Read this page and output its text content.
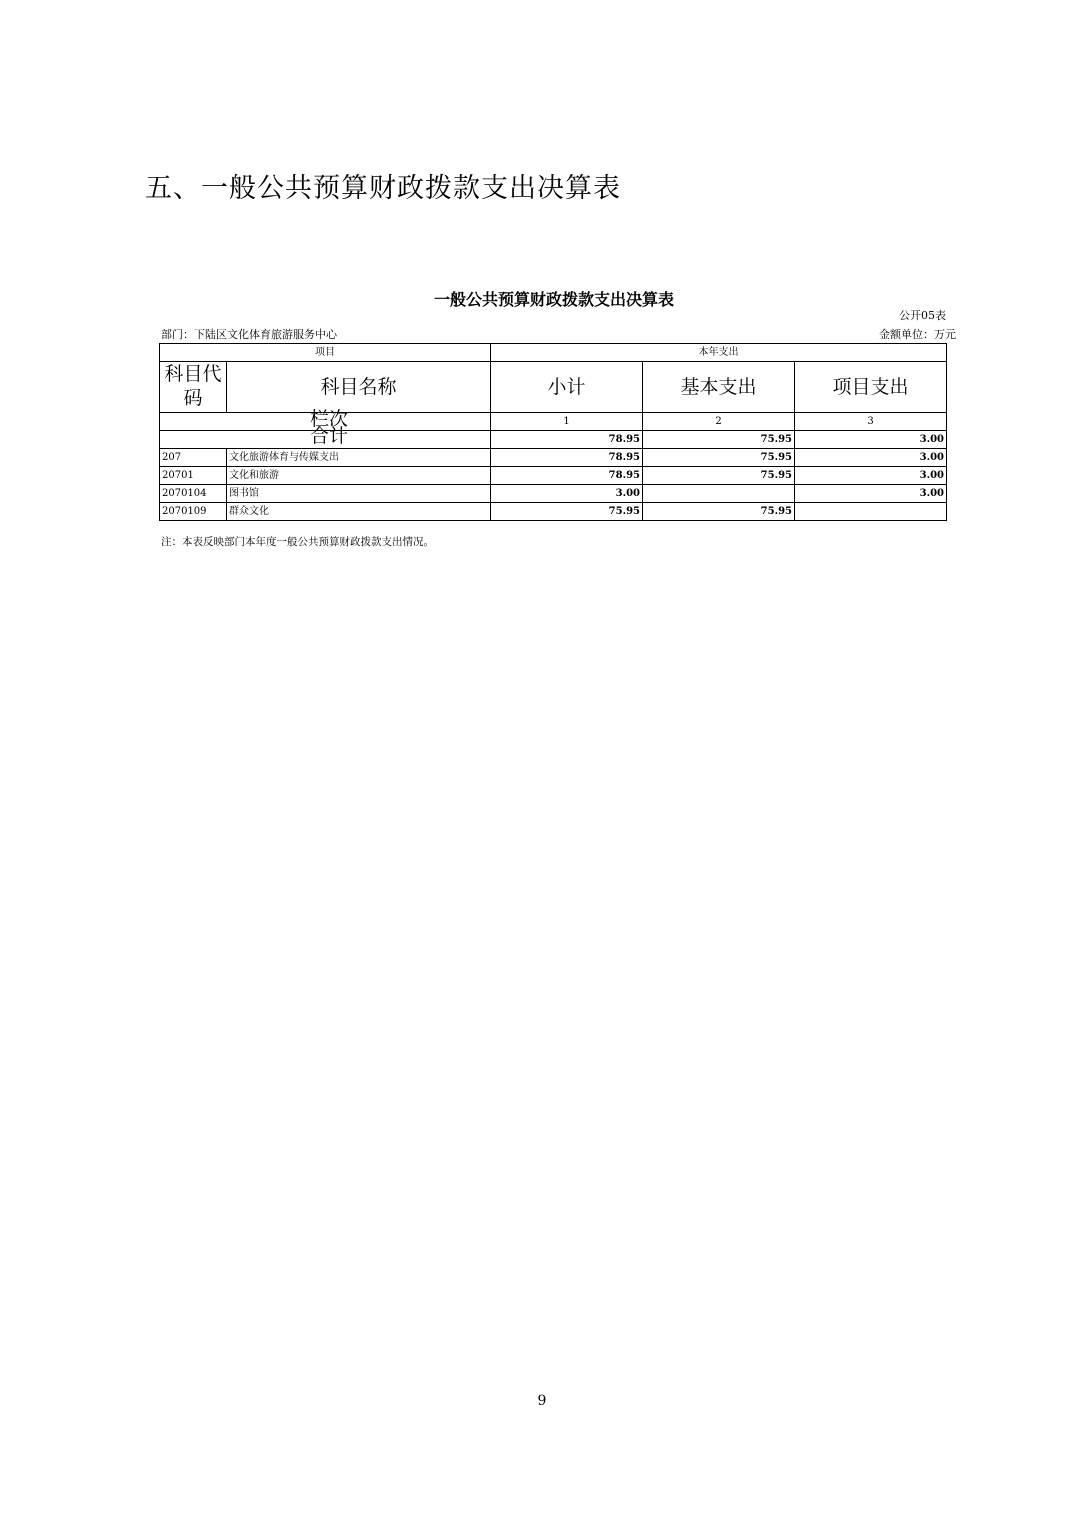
五、一般公共预算财政拨款支出决算表
一般公共预算财政拨款支出决算表
公开05表
部门：下陆区文化体育旅游服务中心	金额单位：万元
项目		本年支出		
科目代码	科目名称	小计	基本支出	项目支出

栏次		1	2	3

合计		78.95	75.95	3.00
207	文化旅游体育与传媒支出	78.95	75.95	3.00
20701	文化和旅游	78.95	75.95	3.00
2070104	图书馆	3.00		3.00
2070109	群众文化	75.95	75.95	
注：本表反映部门本年度一般公共预算财政拨款支出情况。
9
